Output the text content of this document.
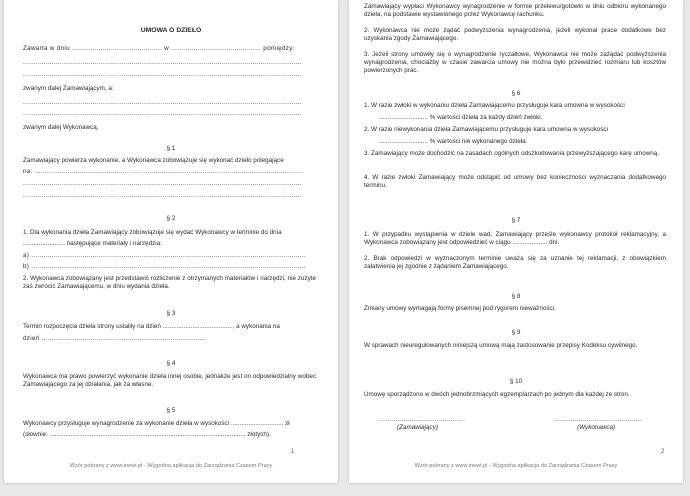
UMOWA O DZIEŁO
Zawarta w dniu ............................................ w ............................................ pomiędzy:
........................................................................................................................................
........................................................................................................................................
zwanym dalej Zamawiającym, a:
........................................................................................................................................
........................................................................................................................................
zwanym dalej Wykonawcą.
§ 1
Zamawiający powierza wykonanie, a Wykonawca zobowiązuje się wykonać dzieło polegające
na: ...................................................................................................................................
........................................................................................................................................
........................................................................................................................................
§ 2
1. Dla wykonania dzieła Zamawiający zobowiązuje się wydać Wykonawcy w terminie do dnia
........................ następujące materiały i narzędzia:
a) ......................................................................................................................................
b) ......................................................................................................................................
2. Wykonawca zobowiązany jest przedstawić rozliczenie z otrzymanych materiałów i narzędzi, nie zużyte zaś zwrócić Zamawiającemu, w dniu wydania dzieła.
§ 3
Termin rozpoczęcia dzieła strony ustaliły na dzień ........................................, a wykonania na
dzień ................................................................................
§ 4
Wykonawca ma prawo powierzyć wykonanie dzieła innej osobie, jednakże jest on odpowiedzialny wobec Zamawiającego za jej działania, jak za własne.
§ 5
Wykonawcy przysługuje wynagrodzenie za wykonanie dzieła w wysokości .............................. zł
(słownie: ................................................................................................................ złotych).
1
Wzór pobrany z www.inewi.pl - Wygodna aplikacja do Zarządzania Czasem Pracy
Zamawiający wypłaci Wykonawcy wynagrodzenie w formie przelewu/gotówki w dniu odbioru wykonanego dzieła, na podstawie wystawionego przez Wykonawcę rachunku.
2. Wykonawca nie może żądać podwyższenia wynagrodzenia, jeżeli wykonał prace dodatkowe bez uzyskania zgody Zamawiającego.
3. Jeżeli strony umówiły się o wynagrodzenie ryczałtowe, Wykonawca nie może zażądać podwyższenia wynagrodzenia, chociażby w czasie zawarcia umowy nie można było przewidzieć rozmiaru lub kosztów powierzonych prac.
§ 6
1. W razie zwłoki w wykonaniu dzieła Zamawiającemu przysługuje kara umowna w wysokości
............................ % wartości dzieła za każdy dzień zwłoki.
2. W razie niewykonania dzieła Zamawiającemu przysługuje kara umowna w wysokości
............................ % wartości nie wykonanego dzieła.
3. Zamawiający może dochodzić na zasadach ogólnych odszkodowania przewyższającego karę umowną.
4. W razie zwłoki Zamawiający może odstąpić od umowy bez konieczności wyznaczania dodatkowego terminu.
§ 7
1. W przypadku wystąpienia w dziele wad, Zamawiający prześle wykonawcy protokół reklamacyjny, a Wykonawca zobowiązany jest odpowiedzieć w ciągu .................... dni.
2. Brak odpowiedzi w wyznaczonym terminie uważa się za uznanie tej reklamacji, z obowiązkiem załatwienia jej zgodnie z żądaniem Zamawiającego.
§ 8
Zmiany umowy wymagają formy pisemnej pod rygorem nieważności.
§ 9
W sprawach nieuregulowanych niniejszą umową mają zastosowanie przepisy Kodeksu cywilnego.
§ 10
Umowę sporządzono w dwóch jednobrzmiących egzemplarzach po jednym dla każdej ze stron.
...........................................	...........................................
(Zamawiający)	(Wykonawca)
2
Wzór pobrany z www.inewi.pl - Wygodna aplikacja do Zarządzania Czasem Pracy
